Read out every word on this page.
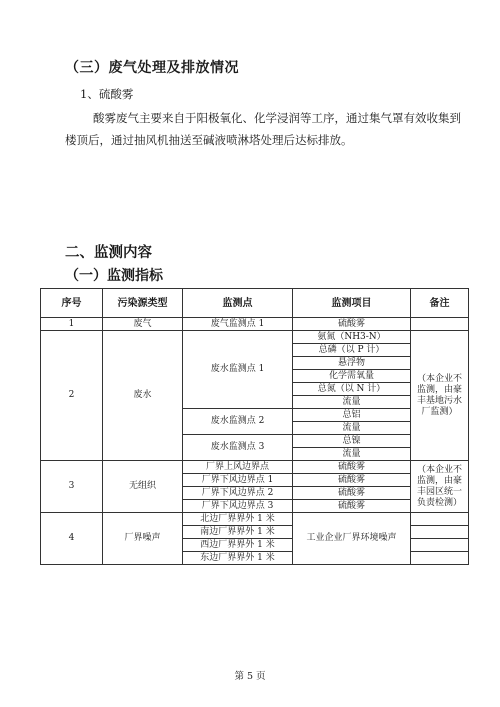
（三）废气处理及排放情况
1、硫酸雾
酸雾废气主要来自于阳极氧化、化学浸润等工序，通过集气罩有效收集到楼顶后，通过抽风机抽送至碱液喷淋塔处理后达标排放。
二、监测内容
（一）监测指标
序号	污染源类型	监测点	监测项目	备注
1	废气	废气监测点 1	硫酸雾	
2	废水	废水监测点 1	氨氮（NH3-N）	（本企业不监测，由豪丰基地污水厂监测）
			总磷（以 P 计）	
			悬浮物	
			化学需氧量	
			总氮（以 N 计）	
			流量	
		废水监测点 2	总铝	
			流量	
		废水监测点 3	总镍	
			流量	
3	无组织	厂界上风边界点	硫酸雾	（本企业不监测，由豪丰园区统一负责检测）
		厂界下风边界点 1	硫酸雾	
		厂界下风边界点 2	硫酸雾	
		厂界下风边界点 3	硫酸雾	
4	厂界噪声	北边厂界界外 1 米	工业企业厂界环境噪声	
		南边厂界界外 1 米		
		西边厂界界外 1 米		
		东边厂界界外 1 米		
第 5 页
